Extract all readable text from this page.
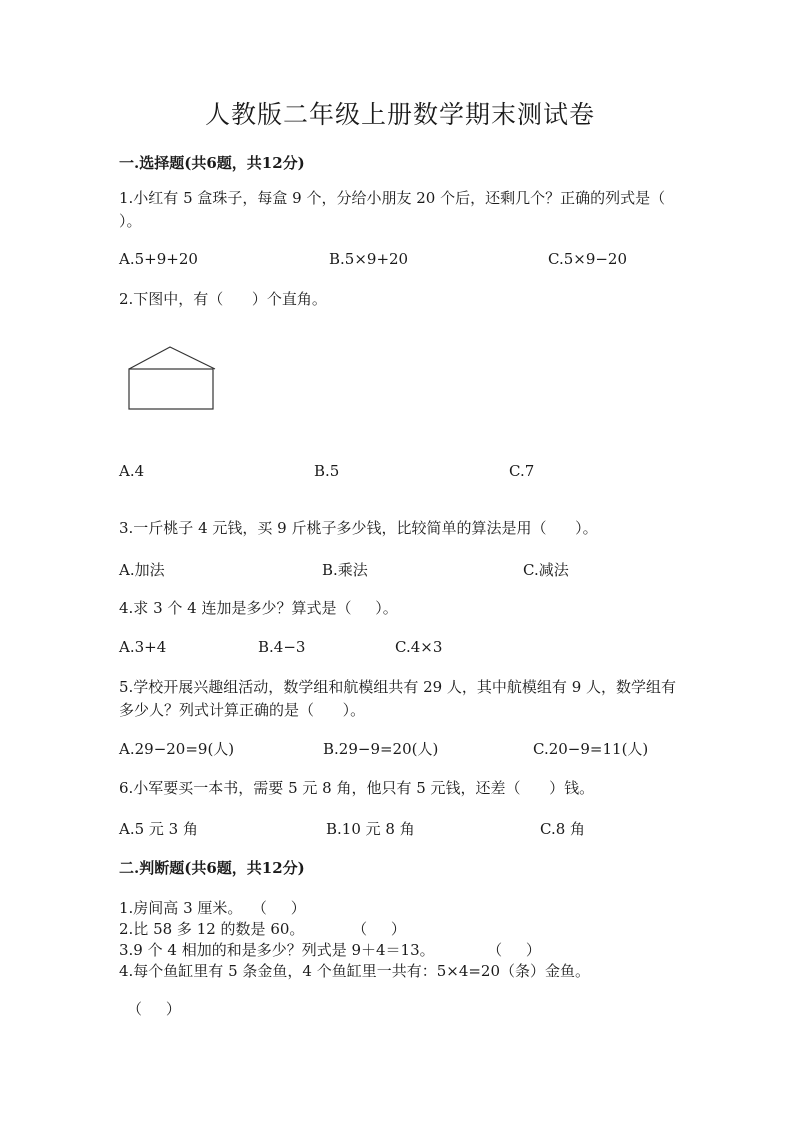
人教版二年级上册数学期末测试卷
一.选择题(共6题，共12分)
1.小红有 5 盒珠子，每盒 9 个，分给小朋友 20 个后，还剩几个？正确的列式是（        ）。
A.5+9+20	B.5×9+20	C.5×9−20
2.下图中，有（      ）个直角。
A.4	B.5	C.7
3.一斤桃子 4 元钱，买 9 斤桃子多少钱，比较简单的算法是用（      ）。
A.加法	B.乘法	C.减法
4.求 3 个 4 连加是多少？算式是（     ）。
A.3+4	B.4−3	C.4×3
5.学校开展兴趣组活动，数学组和航模组共有 29 人，其中航模组有 9 人，数学组有多少人？列式计算正确的是（      ）。
A.29−20=9(人)	B.29−9=20(人)	C.20−9=11(人)
6.小军要买一本书，需要 5 元 8 角，他只有 5 元钱，还差（      ）钱。
A.5 元 3 角	B.10 元 8 角	C.8 角
二.判断题(共6题，共12分)
1.房间高 3 厘米。  （     ）
2.比 58 多 12 的数是 60。          （     ）
3.9 个 4 相加的和是多少？列式是 9＋4＝13。           （     ）
4.每个鱼缸里有 5 条金鱼，4 个鱼缸里一共有：5×4=20（条）金鱼。
（     ）
